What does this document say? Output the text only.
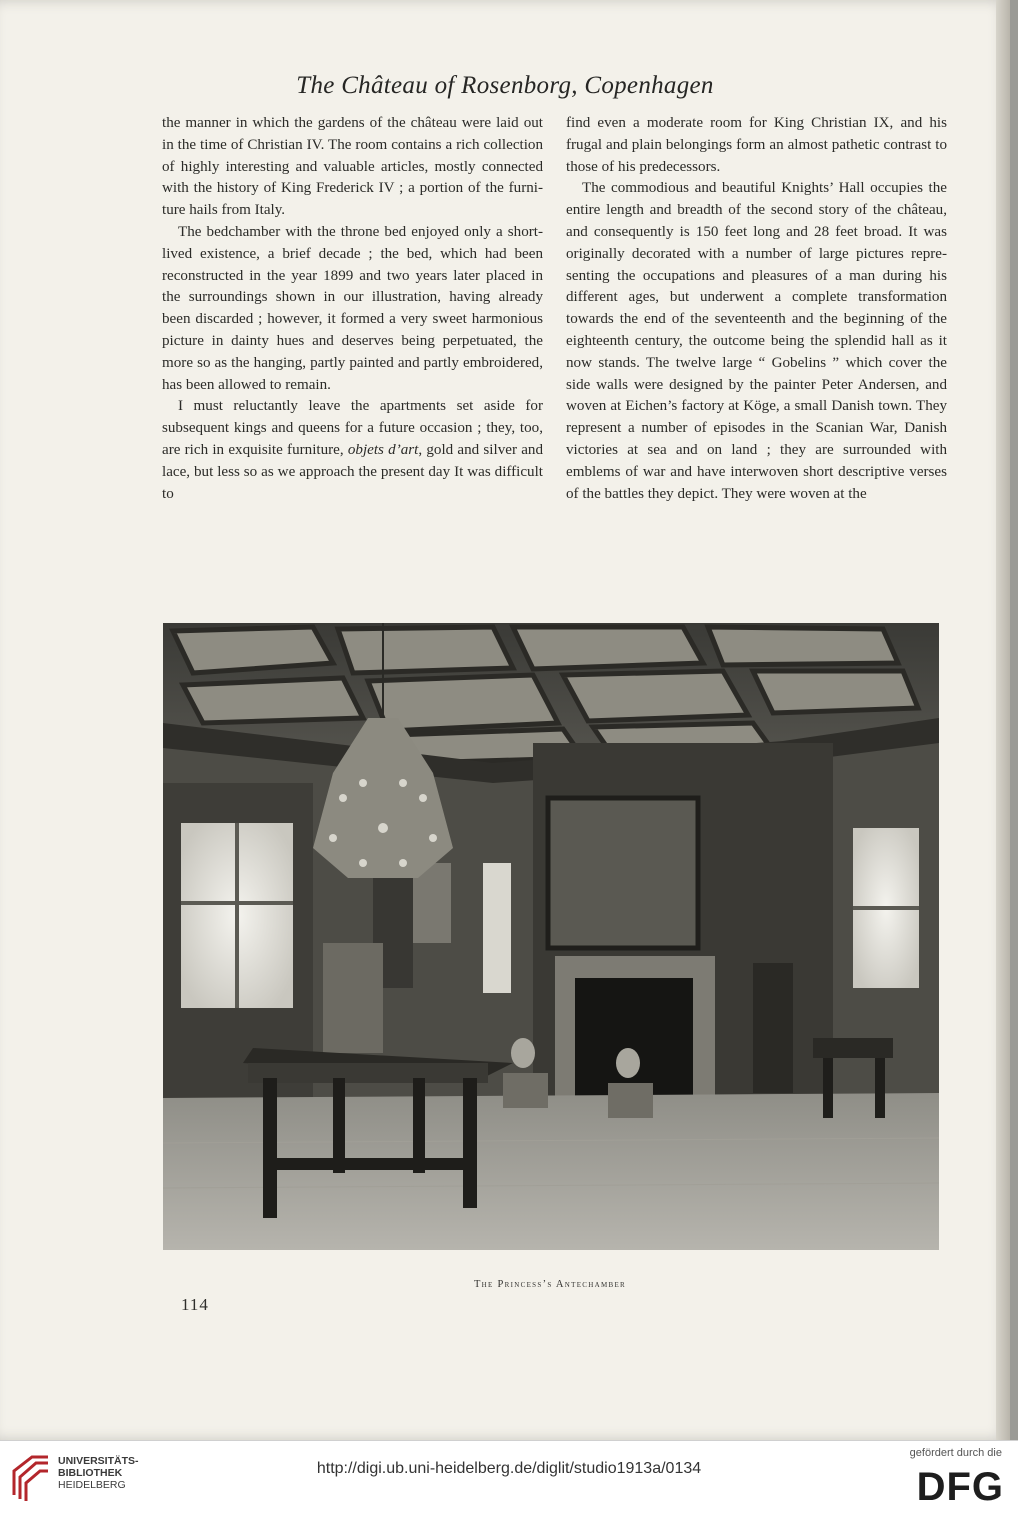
The Château of Rosenborg, Copenhagen

the manner in which the gardens of the château were laid out in the time of Christian IV. The room contains a rich collection of highly interesting and valuable articles, mostly connected with the history of King Frederick IV ; a portion of the furniture hails from Italy.

The bedchamber with the throne bed enjoyed only a short-lived existence, a brief decade ; the bed, which had been reconstructed in the year 1899 and two years later placed in the surroundings shown in our illustration, having already been discarded ; however, it formed a very sweet harmonious picture in dainty hues and deserves being perpetuated, the more so as the hanging, partly painted and partly embroidered, has been allowed to remain.

I must reluctantly leave the apartments set aside for subsequent kings and queens for a future occasion ; they, too, are rich in exquisite furniture, objets d’art, gold and silver and lace, but less so as we approach the present day It was difficult to

find even a moderate room for King Christian IX, and his frugal and plain belongings form an almost pathetic contrast to those of his predecessors.

The commodious and beautiful Knights’ Hall occupies the entire length and breadth of the second story of the château, and consequently is 150 feet long and 28 feet broad. It was originally decorated with a number of large pictures representing the occupations and pleasures of a man during his different ages, but underwent a complete transformation towards the end of the seventeenth and the beginning of the eighteenth century, the outcome being the splendid hall as it now stands. The twelve large “ Gobelins ” which cover the side walls were designed by the painter Peter Andersen, and woven at Eichen’s factory at Köge, a small Danish town. They represent a number of episodes in the Scanian War, Danish victories at sea and on land ; they are surrounded with emblems of war and have interwoven short descriptive verses of the battles they depict. They were woven at the

The Princess’s Antechamber
114
UNIVERSITÄTS-
BIBLIOTHEK
HEIDELBERG
http://digi.ub.uni-heidelberg.de/diglit/studio1913a/0134
gefördert durch die
DFG
